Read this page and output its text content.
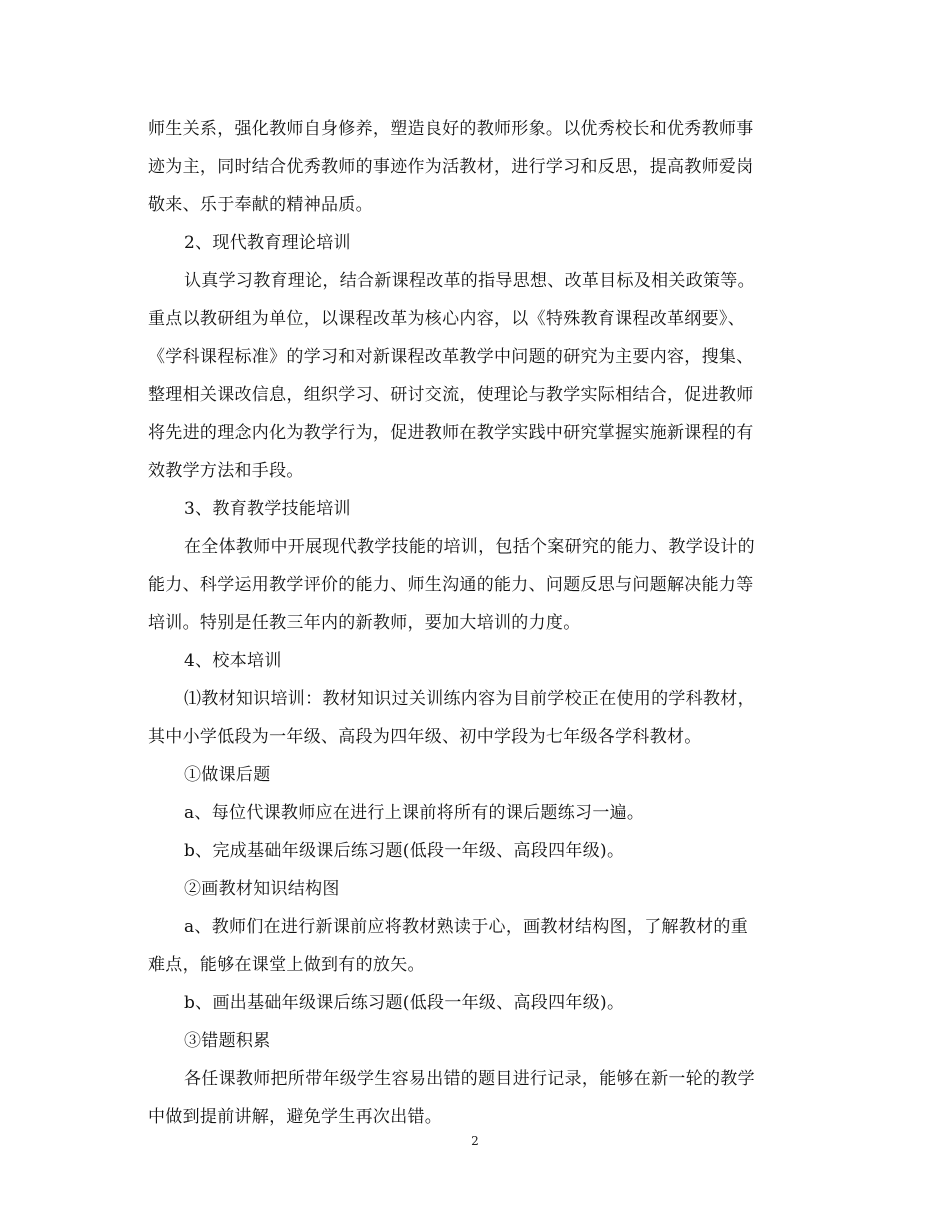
师生关系，强化教师自身修养，塑造良好的教师形象。以优秀校长和优秀教师事
迹为主，同时结合优秀教师的事迹作为活教材，进行学习和反思，提高教师爱岗
敬来、乐于奉献的精神品质。
2、现代教育理论培训
认真学习教育理论，结合新课程改革的指导思想、改革目标及相关政策等。
重点以教研组为单位，以课程改革为核心内容，以《特殊教育课程改革纲要》、
《学科课程标准》的学习和对新课程改革教学中问题的研究为主要内容，搜集、
整理相关课改信息，组织学习、研讨交流，使理论与教学实际相结合，促进教师
将先进的理念内化为教学行为，促进教师在教学实践中研究掌握实施新课程的有
效教学方法和手段。
3、教育教学技能培训
在全体教师中开展现代教学技能的培训，包括个案研究的能力、教学设计的
能力、科学运用教学评价的能力、师生沟通的能力、问题反思与问题解决能力等
培训。特别是任教三年内的新教师，要加大培训的力度。
4、校本培训
⑴教材知识培训：教材知识过关训练内容为目前学校正在使用的学科教材，
其中小学低段为一年级、高段为四年级、初中学段为七年级各学科教材。
①做课后题
a、每位代课教师应在进行上课前将所有的课后题练习一遍。
b、完成基础年级课后练习题(低段一年级、高段四年级)。
②画教材知识结构图
a、教师们在进行新课前应将教材熟读于心，画教材结构图，了解教材的重
难点，能够在课堂上做到有的放矢。
b、画出基础年级课后练习题(低段一年级、高段四年级)。
③错题积累
各任课教师把所带年级学生容易出错的题目进行记录，能够在新一轮的教学
中做到提前讲解，避免学生再次出错。
2
